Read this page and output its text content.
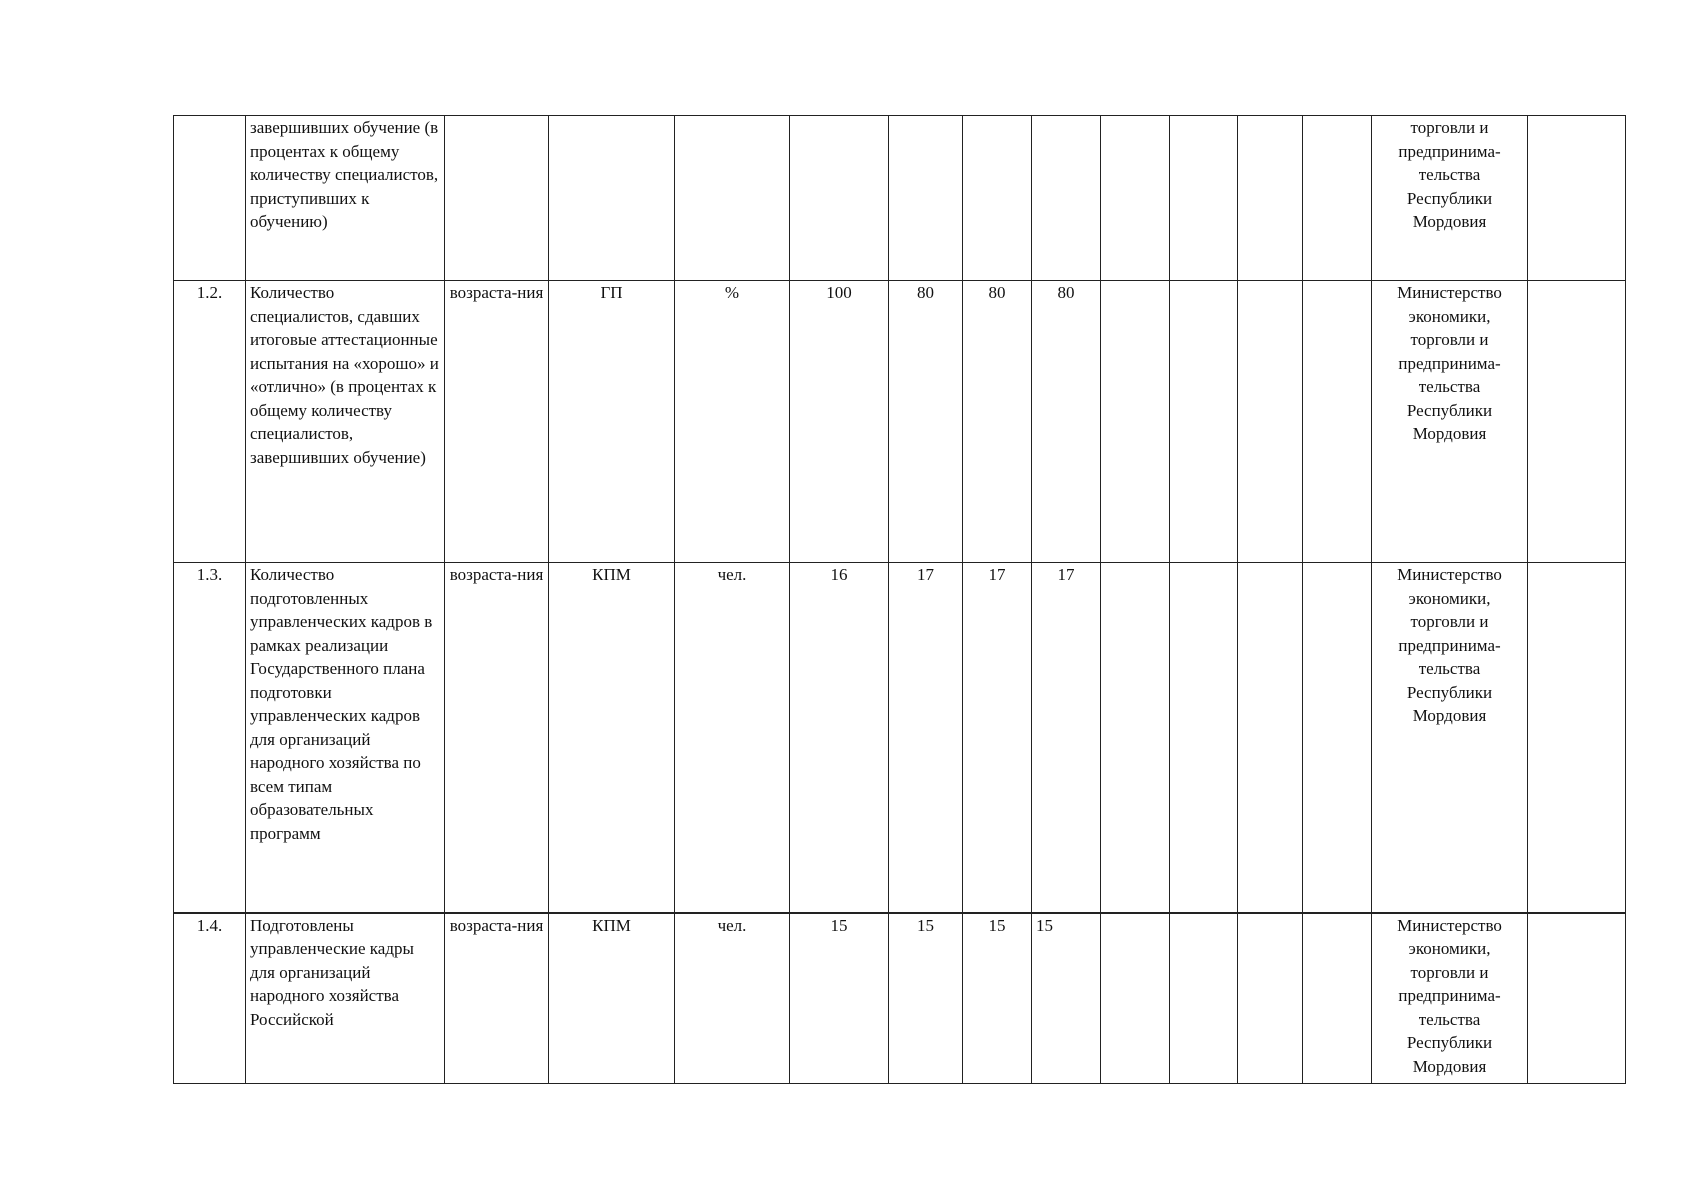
	завершивших обучение (в процентах к общему количеству специалистов, приступивших к обучению)												торговли и предпринима-тельства Республики Мордовия	
1.2.	Количество специалистов, сдавших итоговые аттестационные испытания на «хорошо» и «отлично» (в процентах к общему количеству специалистов, завершивших обучение)	возраста-ния	ГП	%	100	80	80	80					Министерство экономики, торговли и предпринима-тельства Республики Мордовия	
1.3.	Количество подготовленных управленческих кадров в рамках реализации Государственного плана подготовки управленческих кадров для организаций народного хозяйства по всем типам образовательных программ	возраста-ния	КПМ	чел.	16	17	17	17					Министерство экономики, торговли и предпринима-тельства Республики Мордовия	
1.4.	Подготовлены управленческие кадры для организаций народного хозяйства Российской	возраста-ния	КПМ	чел.	15	15	15	15					Министерство экономики, торговли и предпринима-тельства Республики Мордовия	
